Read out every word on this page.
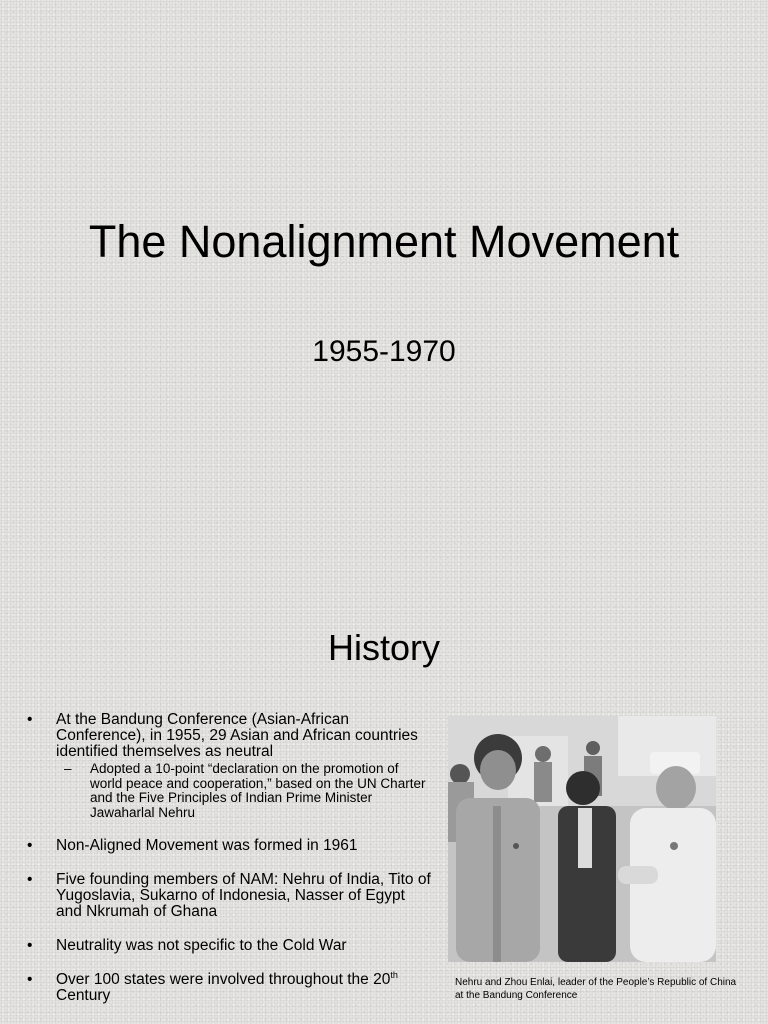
The Nonalignment Movement
1955-1970
History
• At the Bandung Conference (Asian-African Conference), in 1955, 29 Asian and African countries identified themselves as neutral
– Adopted a 10-point “declaration on the promotion of world peace and cooperation,” based on the UN Charter and the Five Principles of Indian Prime Minister Jawaharlal Nehru
• Non-Aligned Movement was formed in 1961
• Five founding members of NAM: Nehru of India, Tito of Yugoslavia, Sukarno of Indonesia, Nasser of Egypt and Nkrumah of Ghana
• Neutrality was not specific to the Cold War
• Over 100 states were involved throughout the 20th Century
Nehru and Zhou Enlai, leader of the People’s Republic of China at the Bandung Conference
